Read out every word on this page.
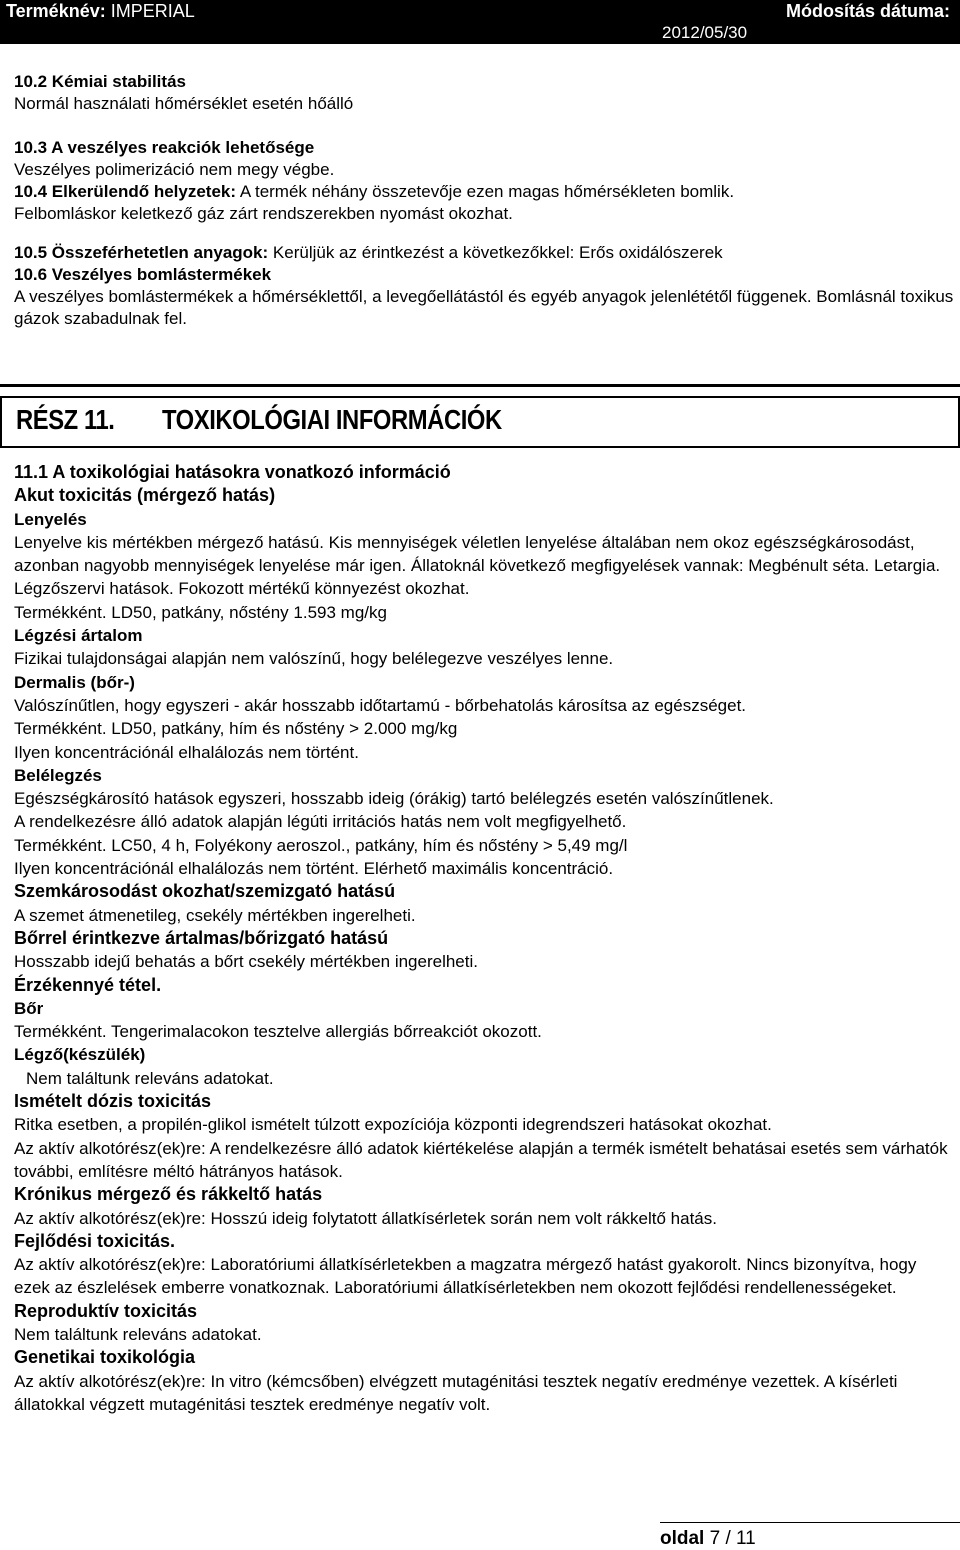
Terméknév: IMPERIAL	Módosítás dátuma:
2012/05/30

10.2 Kémiai stabilitás

Normál használati hőmérséklet esetén hőálló

10.3 A veszélyes reakciók lehetősége

Veszélyes polimerizáció nem megy végbe.

10.4 Elkerülendő helyzetek: A termék néhány összetevője ezen magas hőmérsékleten bomlik.

Felbomláskor keletkező gáz zárt rendszerekben nyomást okozhat.

10.5 Összeférhetetlen anyagok: Kerüljük az érintkezést a következőkkel: Erős oxidálószerek

10.6 Veszélyes bomlástermékek

A veszélyes bomlástermékek a hőmérséklettől, a levegőellátástól és egyéb anyagok jelenlététől függenek. Bomlásnál toxikus gázok szabadulnak fel.

RÉSZ 11. TOXIKOLÓGIAI INFORMÁCIÓK

11.1 A toxikológiai hatásokra vonatkozó információ

Akut toxicitás (mérgező hatás)

Lenyelés

Lenyelve kis mértékben mérgező hatású. Kis mennyiségek véletlen lenyelése általában nem okoz egészségkárosodást, azonban nagyobb mennyiségek lenyelése már igen. Állatoknál következő megfigyelések vannak: Megbénult séta. Letargia. Légzőszervi hatások. Fokozott mértékű könnyezést okozhat.

Termékként. LD50, patkány, nőstény 1.593 mg/kg

Légzési ártalom

Fizikai tulajdonságai alapján nem valószínű, hogy belélegezve veszélyes lenne.

Dermalis (bőr-)

Valószínűtlen, hogy egyszeri - akár hosszabb időtartamú - bőrbehatolás károsítsa az egészséget.

Termékként. LD50, patkány, hím és nőstény > 2.000 mg/kg

Ilyen koncentrációnál elhalálozás nem történt.

Belélegzés

Egészségkárosító hatások egyszeri, hosszabb ideig (órákig) tartó belélegzés esetén valószínűtlenek.

A rendelkezésre álló adatok alapján légúti irritációs hatás nem volt megfigyelhető.

Termékként. LC50, 4 h, Folyékony aeroszol., patkány, hím és nőstény > 5,49 mg/l

Ilyen koncentrációnál elhalálozás nem történt. Elérhető maximális koncentráció.

Szemkárosodást okozhat/szemizgató hatású

A szemet átmenetileg, csekély mértékben ingerelheti.

Bőrrel érintkezve ártalmas/bőrizgató hatású

Hosszabb idejű behatás a bőrt csekély mértékben ingerelheti.

Érzékennyé tétel.

Bőr

Termékként. Tengerimalacokon tesztelve allergiás bőrreakciót okozott.

Légző(készülék)

Nem találtunk releváns adatokat.

Ismételt dózis toxicitás

Ritka esetben, a propilén-glikol ismételt túlzott expozíciója központi idegrendszeri hatásokat okozhat.

Az aktív alkotórész(ek)re: A rendelkezésre álló adatok kiértékelése alapján a termék ismételt behatásai esetés sem várhatók további, említésre méltó hátrányos hatások.

Krónikus mérgező és rákkeltő hatás

Az aktív alkotórész(ek)re: Hosszú ideig folytatott állatkísérletek során nem volt rákkeltő hatás.

Fejlődési toxicitás.

Az aktív alkotórész(ek)re: Laboratóriumi állatkísérletekben a magzatra mérgező hatást gyakorolt. Nincs bizonyítva, hogy ezek az észlelések emberre vonatkoznak. Laboratóriumi állatkísérletekben nem okozott fejlődési rendellenességeket.

Reproduktív toxicitás

Nem találtunk releváns adatokat.

Genetikai toxikológia

Az aktív alkotórész(ek)re: In vitro (kémcsőben) elvégzett mutagénitási tesztek negatív eredménye vezettek. A kísérleti állatokkal végzett mutagénitási tesztek eredménye negatív volt.

oldal 7 / 11
